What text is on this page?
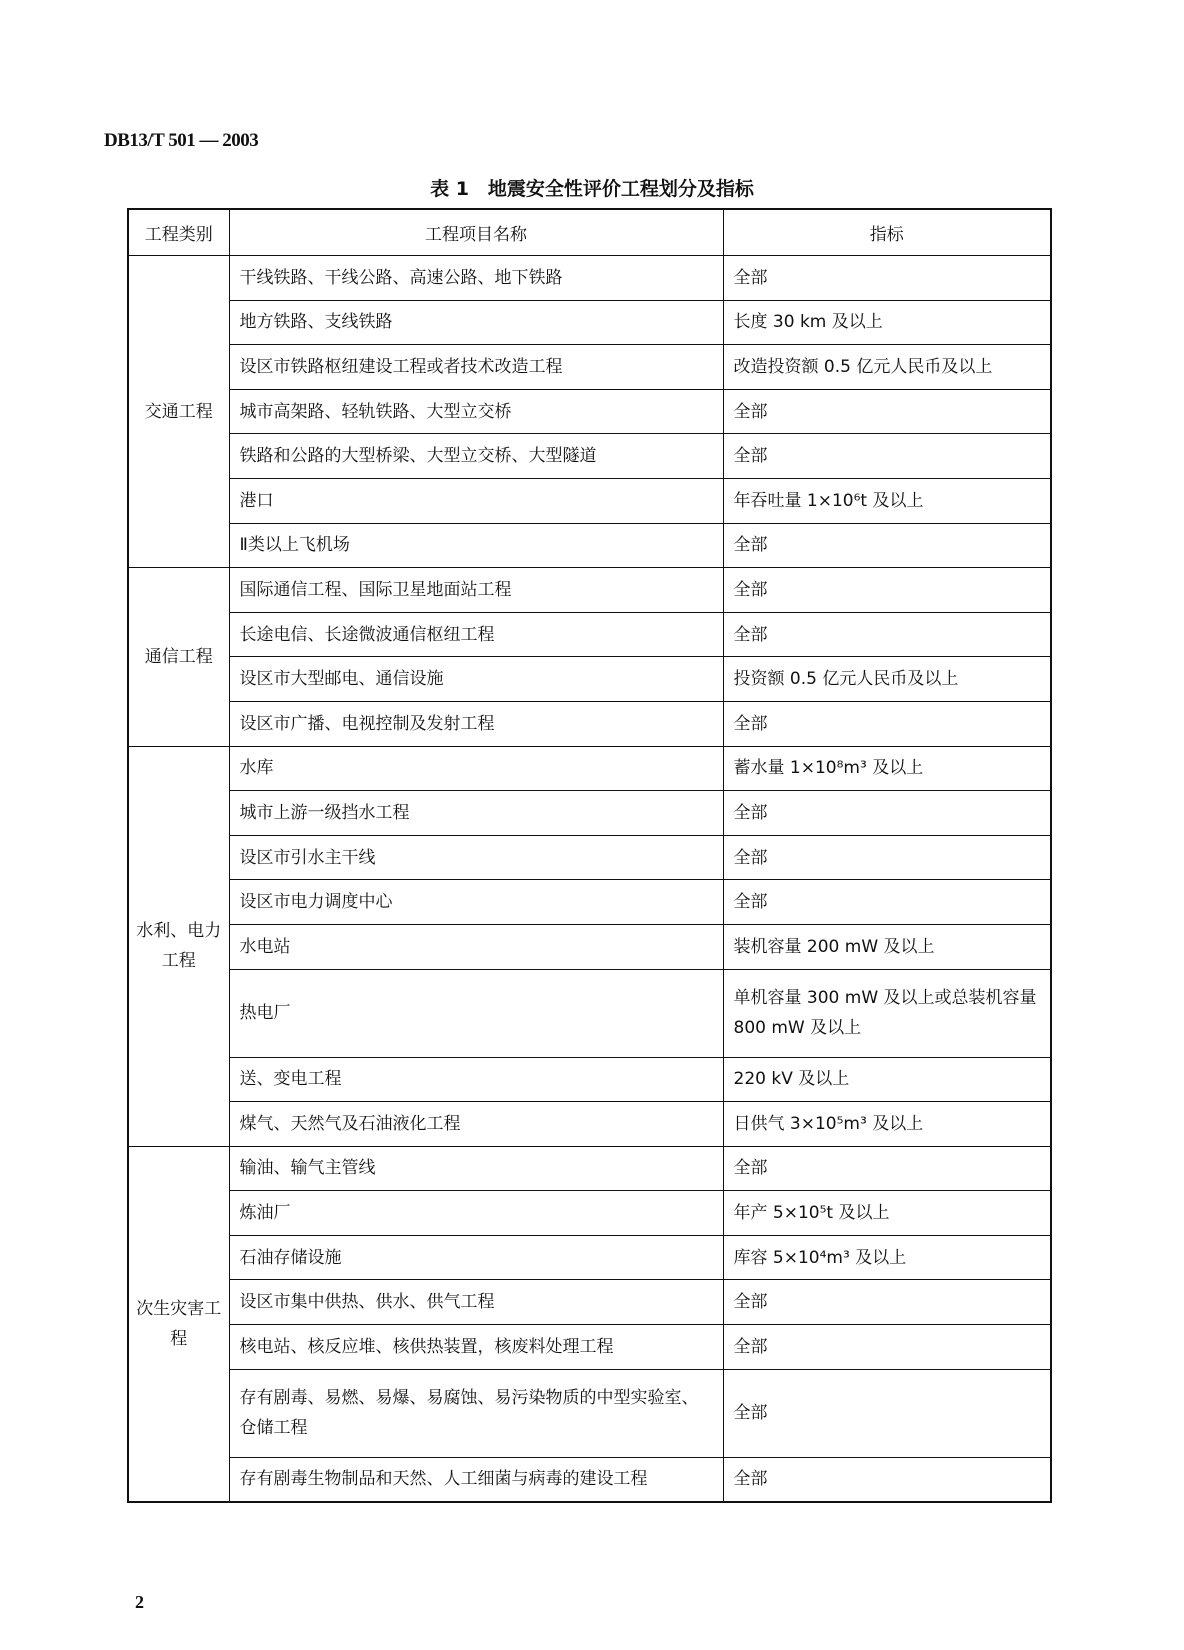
DB13/T 501 — 2003
表 1　地震安全性评价工程划分及指标
工程类别	工程项目名称	指标
交通工程	干线铁路、干线公路、高速公路、地下铁路	全部
	地方铁路、支线铁路	长度 30 km 及以上
	设区市铁路枢纽建设工程或者技术改造工程	改造投资额 0.5 亿元人民币及以上
	城市高架路、轻轨铁路、大型立交桥	全部
	铁路和公路的大型桥梁、大型立交桥、大型隧道	全部
	港口	年吞吐量 1×10⁶t 及以上
	Ⅱ类以上飞机场	全部
通信工程	国际通信工程、国际卫星地面站工程	全部
	长途电信、长途微波通信枢纽工程	全部
	设区市大型邮电、通信设施	投资额 0.5 亿元人民币及以上
	设区市广播、电视控制及发射工程	全部
水利、电力工程	水库	蓄水量 1×10⁸m³ 及以上
	城市上游一级挡水工程	全部
	设区市引水主干线	全部
	设区市电力调度中心	全部
	水电站	装机容量 200 mW 及以上
	热电厂	单机容量 300 mW 及以上或总装机容量 800 mW 及以上
	送、变电工程	220 kV 及以上
	煤气、天然气及石油液化工程	日供气 3×10⁵m³ 及以上
次生灾害工程	输油、输气主管线	全部
	炼油厂	年产 5×10⁵t 及以上
	石油存储设施	库容 5×10⁴m³ 及以上
	设区市集中供热、供水、供气工程	全部
	核电站、核反应堆、核供热装置，核废料处理工程	全部
	存有剧毒、易燃、易爆、易腐蚀、易污染物质的中型实验室、仓储工程	全部
	存有剧毒生物制品和天然、人工细菌与病毒的建设工程	全部
2
